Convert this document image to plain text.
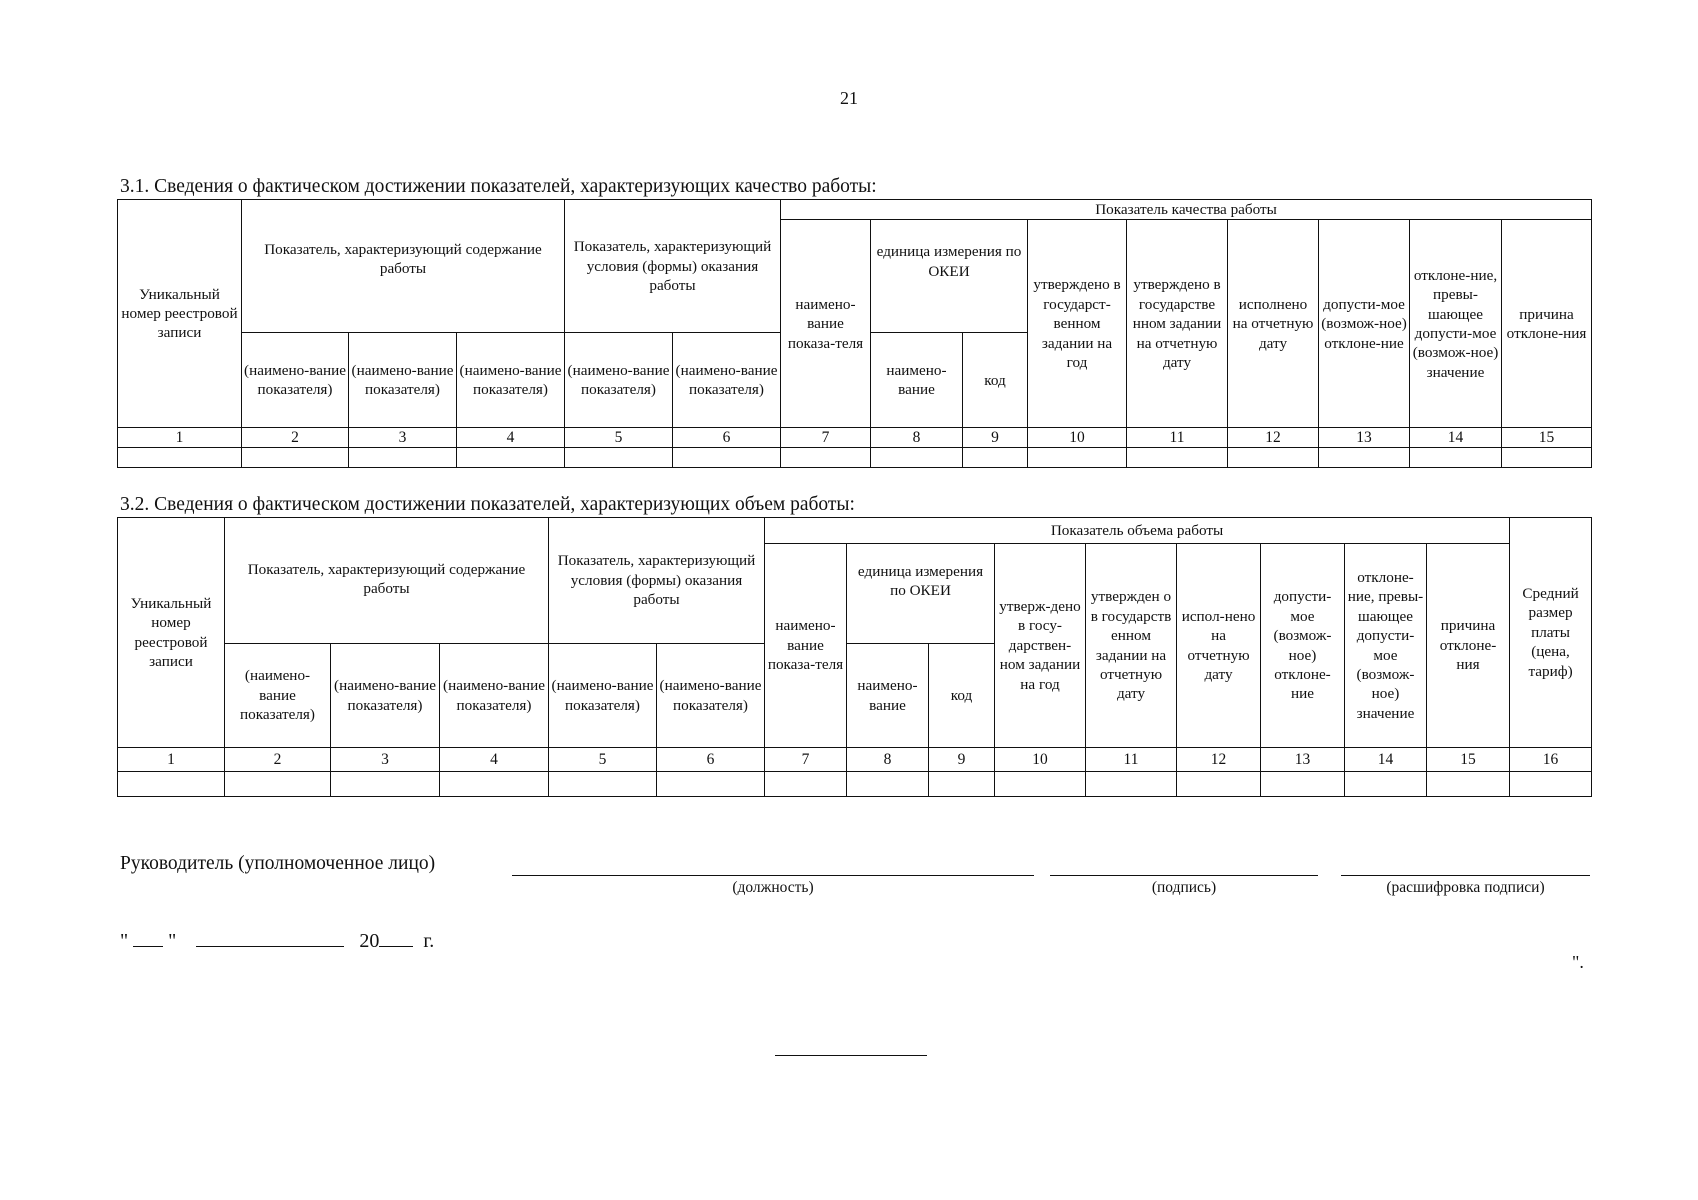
21
3.1. Сведения о фактическом достижении показателей, характеризующих качество работы:
Уникальный номер реестровой записи	Показатель, характеризующий содержание работы			Показатель, характеризующий условия (формы) оказания работы		Показатель качества работы								
						наимено-вание показа-теля	единица измерения по ОКЕИ		утверждено в государст-венном задании на год	утверждено в государстве нном задании на отчетную дату	исполнено на отчетную дату	допусти-мое (возмож-ное) отклоне-ние	отклоне-ние, превы-шающее допусти-мое (возмож-ное) значение	причина отклоне-ния
	(наимено-вание показателя)	(наимено-вание показателя)	(наимено-вание показателя)	(наимено-вание показателя)	(наимено-вание показателя)		наимено-вание	код						
1	2	3	4	5	6	7	8	9	10	11	12	13	14	15

3.2. Сведения о фактическом достижении показателей, характеризующих объем работы:
Уникальный номер реестровой записи	Показатель, характеризующий содержание работы			Показатель, характеризующий условия (формы) оказания работы		Показатель объема работы									Средний размер платы (цена, тариф)
						наимено-вание показа-теля	единица измерения по ОКЕИ		утверж-дено в госу-дарствен-ном задании на год	утвержден о в государств енном задании на отчетную дату	испол-нено на отчетную дату	допусти-мое (возмож-ное) отклоне-ние	отклоне-ние, превы-шающее допусти-мое (возмож-ное) значение	причина отклоне-ния	
	(наимено-вание показателя)	(наимено-вание показателя)	(наимено-вание показателя)	(наимено-вание показателя)	(наимено-вание показателя)		наимено-вание	код							
1	2	3	4	5	6	7	8	9	10	11	12	13	14	15	16

Руководитель (уполномоченное лицо)
(должность)	(подпись)	(расшифровка подписи)
" "	20 г.
".
